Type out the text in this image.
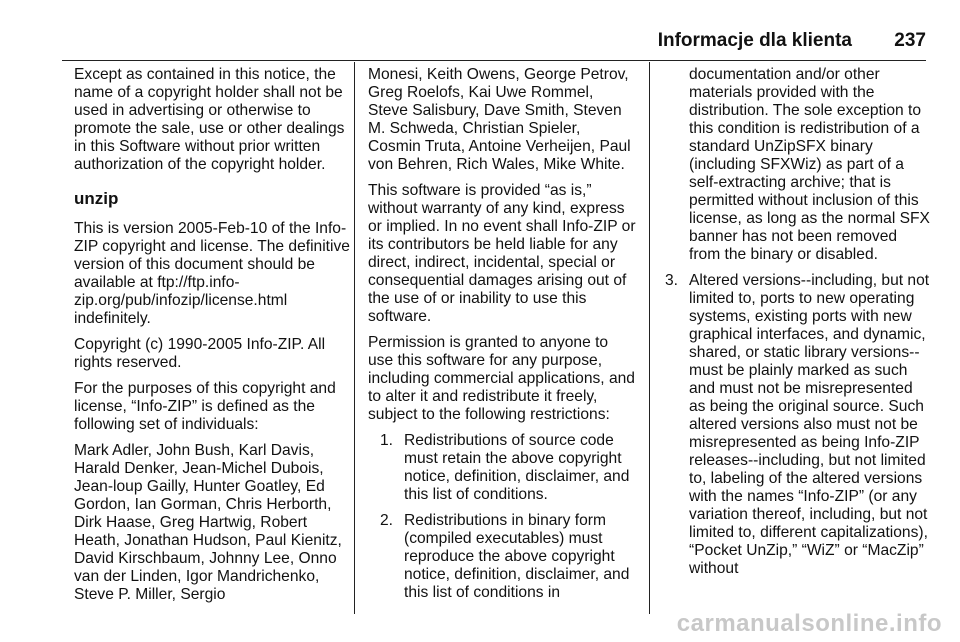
Informacje dla klienta 237

Except as contained in this notice, the name of a copyright holder shall not be used in advertising or otherwise to promote the sale, use or other dealings in this Software without prior written authorization of the copyright holder.

unzip

This is version 2005-Feb-10 of the Info-ZIP copyright and license. The definitive version of this document should be available at ftp://ftp.info-zip.org/pub/infozip/license.html indefinitely.

Copyright (c) 1990-2005 Info-ZIP. All rights reserved.

For the purposes of this copyright and license, “Info-ZIP” is defined as the following set of individuals:

Mark Adler, John Bush, Karl Davis, Harald Denker, Jean-Michel Dubois, Jean-loup Gailly, Hunter Goatley, Ed Gordon, Ian Gorman, Chris Herborth, Dirk Haase, Greg Hartwig, Robert Heath, Jonathan Hudson, Paul Kienitz, David Kirschbaum, Johnny Lee, Onno van der Linden, Igor Mandrichenko, Steve P. Miller, Sergio

Monesi, Keith Owens, George Petrov, Greg Roelofs, Kai Uwe Rommel, Steve Salisbury, Dave Smith, Steven M. Schweda, Christian Spieler, Cosmin Truta, Antoine Verheijen, Paul von Behren, Rich Wales, Mike White.

This software is provided “as is,” without warranty of any kind, express or implied. In no event shall Info-ZIP or its contributors be held liable for any direct, indirect, incidental, special or consequential damages arising out of the use of or inability to use this software.

Permission is granted to anyone to use this software for any purpose, including commercial applications, and to alter it and redistribute it freely, subject to the following restrictions:

1. Redistributions of source code must retain the above copyright notice, definition, disclaimer, and this list of conditions.
2. Redistributions in binary form (compiled executables) must reproduce the above copyright notice, definition, disclaimer, and this list of conditions in

documentation and/or other materials provided with the distribution. The sole exception to this condition is redistribution of a standard UnZipSFX binary (including SFXWiz) as part of a self-extracting archive; that is permitted without inclusion of this license, as long as the normal SFX banner has not been removed from the binary or disabled.

3. Altered versions--including, but not limited to, ports to new operating systems, existing ports with new graphical interfaces, and dynamic, shared, or static library versions--must be plainly marked as such and must not be misrepresented as being the original source. Such altered versions also must not be misrepresented as being Info-ZIP releases--including, but not limited to, labeling of the altered versions with the names “Info-ZIP” (or any variation thereof, including, but not limited to, different capitalizations), “Pocket UnZip,” “WiZ” or “MacZip” without
carmanualsonline.info
